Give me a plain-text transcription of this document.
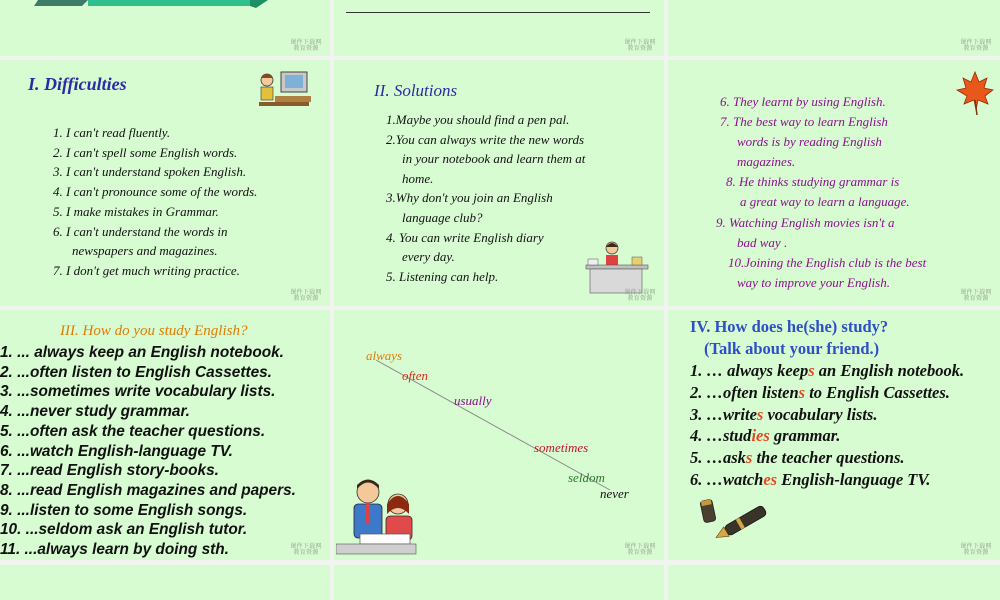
课件下载网 教育资源
课件下载网 教育资源
课件下载网 教育资源
I. Difficulties
1. I can't read fluently.
2. I can't spell some English words.
3. I can't understand spoken English.
4. I can't pronounce some of the words.
5. I make mistakes in Grammar.
6. I can't understand the words in
newspapers and magazines.
7. I don't get much writing practice.
课件下载网 教育资源
II. Solutions
1.Maybe you should find a pen pal.
2.You can always write the new words
in your notebook and learn them at
home.
3.Why don't you join an English
language club?
4. You can write English diary
every day.
5. Listening can help.
课件下载网 教育资源
6. They learnt by using English.
7. The best way to learn English
words is by reading English
magazines.
8. He thinks studying grammar is
a great way to learn a language.
9. Watching English movies isn't a
bad way .
10.Joining the English club is the best
way to improve your English.
课件下载网 教育资源
III. How do you study English?
1. ... always keep an English notebook.
2. ...often listen to English Cassettes.
3. ...sometimes write vocabulary lists.
4. ...never study grammar.
5. ...often ask the teacher questions.
6. ...watch English-language TV.
7. ...read English story-books.
8. ...read English magazines and papers.
9. ...listen to some English songs.
10. ...seldom ask an English tutor.
11. ...always learn by doing sth.	课件下载网 教育资源
always
often
usually
sometimes
seldom
never
课件下载网 教育资源
IV. How does he(she) study?
(Talk about your friend.)
1. … always keeps an English notebook.
2. …often listens to English Cassettes.
3. …writes vocabulary lists.
4. …studies grammar.
5. …asks the teacher questions.
6. …watches English-language TV.
课件下载网 教育资源
